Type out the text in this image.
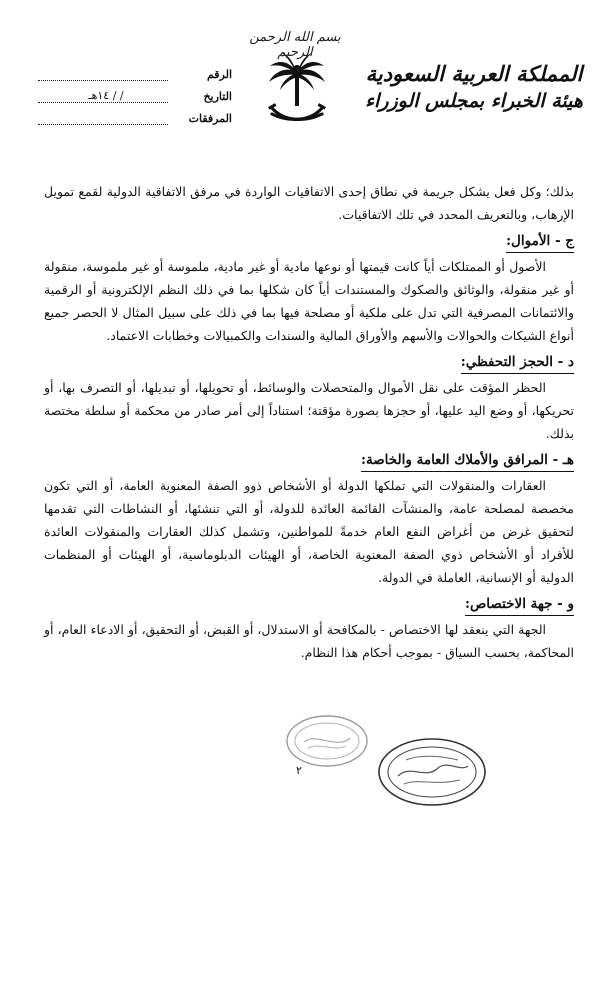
بسم الله الرحمن الرحيم
المملكة العربية السعودية
هيئة الخبراء بمجلس الوزراء
الرقم
التاريخ
/ / ١٤هـ
المرفقات

بذلك؛ وكل فعل يشكل جريمة في نطاق إحدى الاتفاقيات الواردة في مرفق الاتفاقية الدولية لقمع تمويل الإرهاب، وبالتعريف المحدد في تلك الاتفاقيات.

ج - الأموال:

الأصول أو الممتلكات أياً كانت قيمتها أو نوعها مادية أو غير مادية، ملموسة أو غير ملموسة، منقولة أو غير منقولة، والوثائق والصكوك والمستندات أياً كان شكلها بما في ذلك النظم الإلكترونية أو الرقمية والائتمانات المصرفية التي تدل على ملكية أو مصلحة فيها بما في ذلك على سبيل المثال لا الحصر جميع أنواع الشيكات والحوالات والأسهم والأوراق المالية والسندات والكمبيالات وخطابات الاعتماد.

د - الحجز التحفظي:

الحظر المؤقت على نقل الأموال والمتحصلات والوسائط، أو تحويلها، أو تبديلها، أو التصرف بها، أو تحريكها، أو وضع اليد عليها، أو حجزها بصورة مؤقتة؛ استناداً إلى أمر صادر من محكمة أو سلطة مختصة بذلك.

هـ - المرافق والأملاك العامة والخاصة:

العقارات والمنقولات التي تملكها الدولة أو الأشخاص ذوو الصفة المعنوية العامة، أو التي تكون مخصصة لمصلحة عامة، والمنشآت القائمة العائدة للدولة، أو التي تنشئها، أو النشاطات التي تقدمها لتحقيق غرض من أغراض النفع العام خدمةً للمواطنين، وتشمل كذلك العقارات والمنقولات العائدة للأفراد أو الأشخاص ذوي الصفة المعنوية الخاصة، أو الهيئات الدبلوماسية، أو الهيئات أو المنظمات الدولية أو الإنسانية، العاملة في الدولة.

و - جهة الاختصاص:

الجهة التي ينعقد لها الاختصاص - بالمكافحة أو الاستدلال، أو القبض، أو التحقيق، أو الادعاء العام، أو المحاكمة، بحسب السياق - بموجب أحكام هذا النظام.

٢
